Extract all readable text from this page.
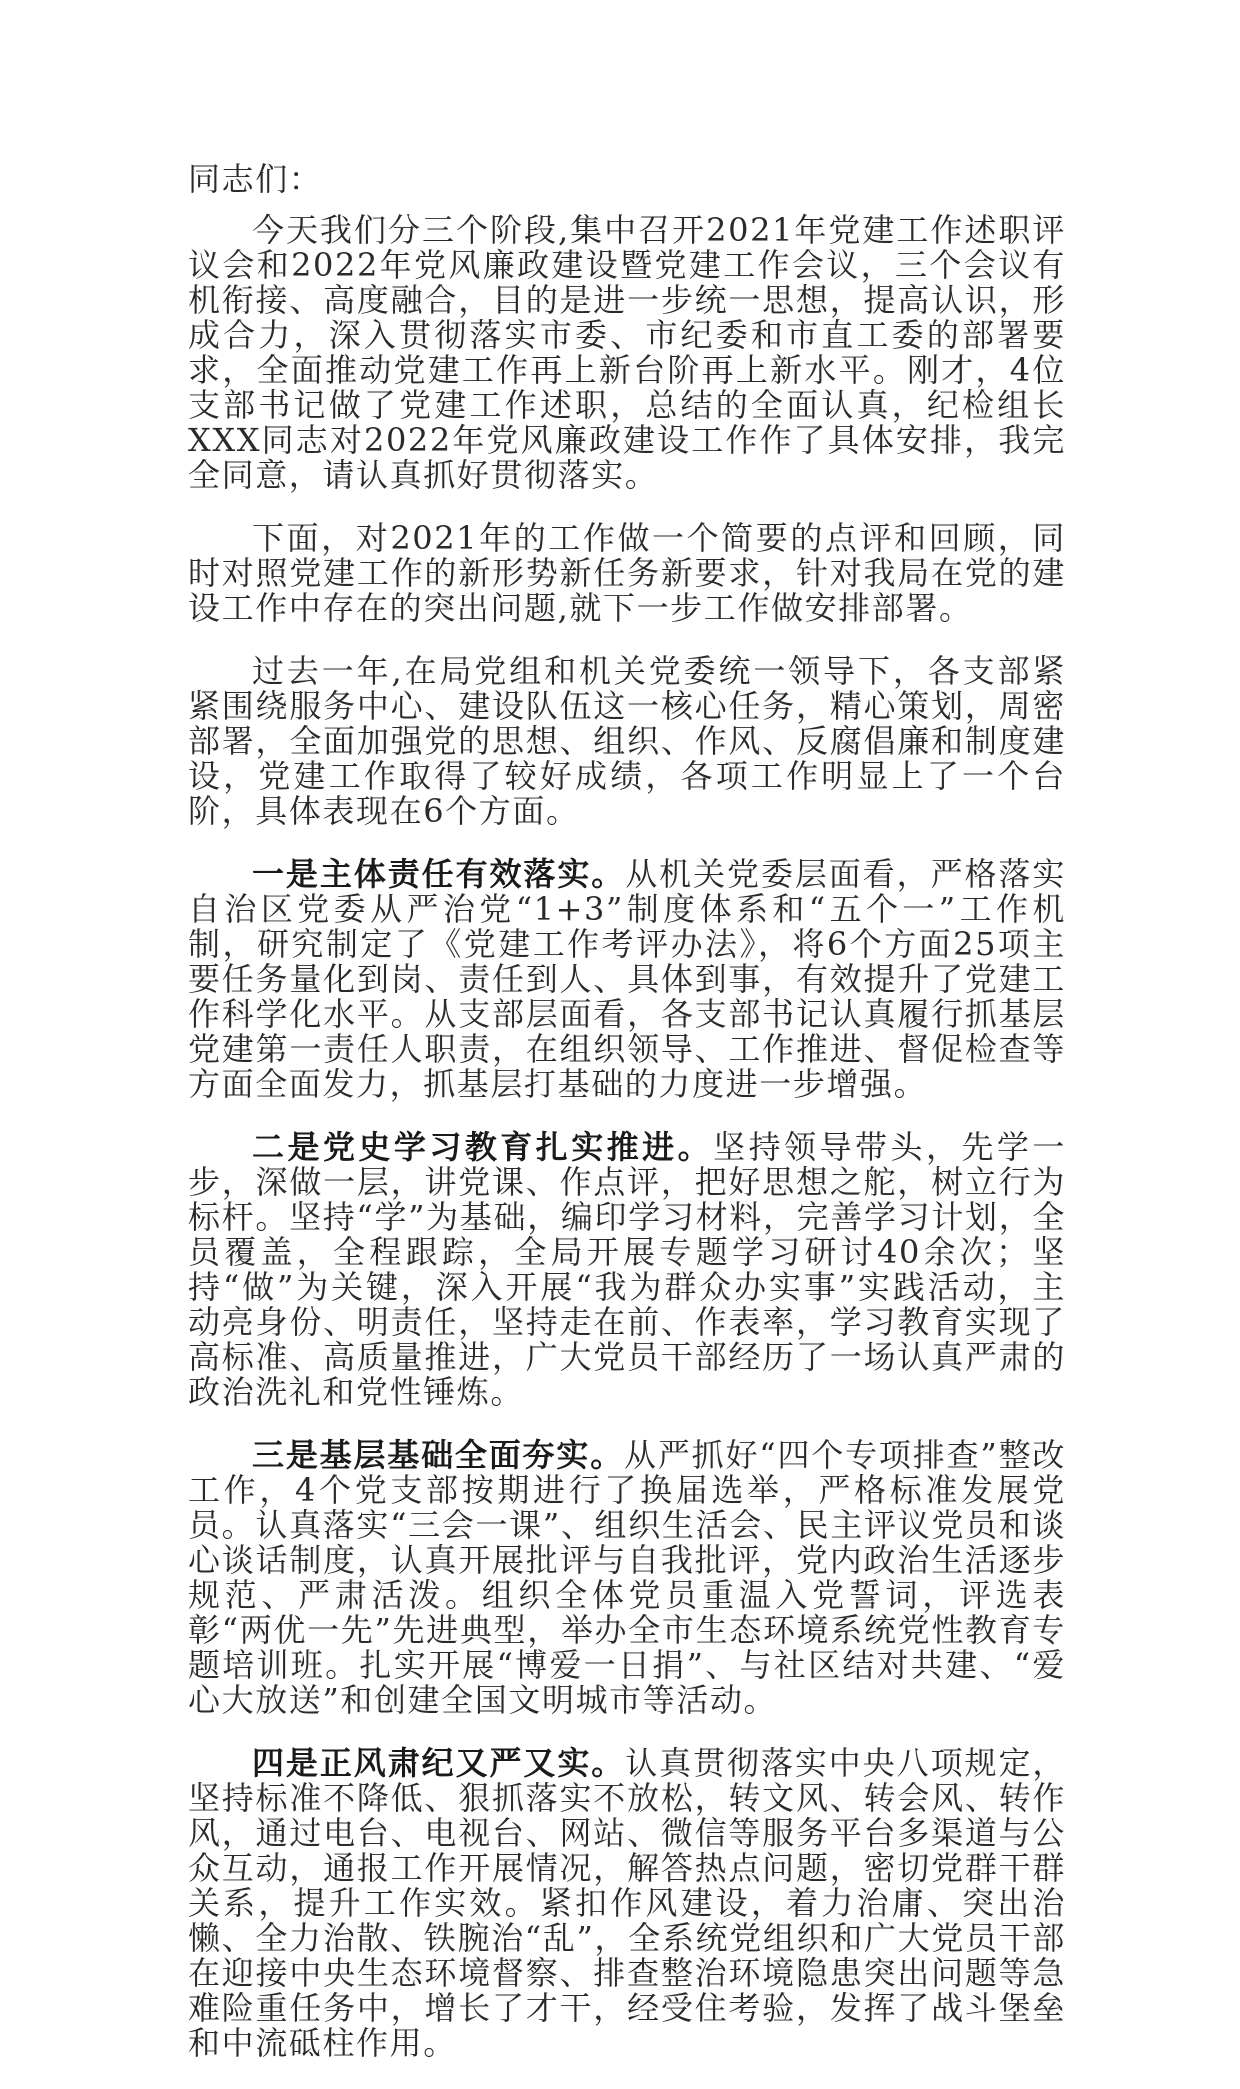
同志们：

今天我们分三个阶段,集中召开2021年党建工作述职评议会和2022年党风廉政建设暨党建工作会议，三个会议有机衔接、高度融合，目的是进一步统一思想，提高认识，形成合力，深入贯彻落实市委、市纪委和市直工委的部署要求，全面推动党建工作再上新台阶再上新水平。刚才，4位支部书记做了党建工作述职，总结的全面认真，纪检组长XXX同志对2022年党风廉政建设工作作了具体安排，我完全同意，请认真抓好贯彻落实。

下面，对2021年的工作做一个简要的点评和回顾，同时对照党建工作的新形势新任务新要求，针对我局在党的建设工作中存在的突出问题,就下一步工作做安排部署。

过去一年,在局党组和机关党委统一领导下，各支部紧紧围绕服务中心、建设队伍这一核心任务，精心策划，周密部署，全面加强党的思想、组织、作风、反腐倡廉和制度建设，党建工作取得了较好成绩，各项工作明显上了一个台阶，具体表现在6个方面。

一是主体责任有效落实。从机关党委层面看，严格落实自治区党委从严治党“1+3”制度体系和“五个一”工作机制，研究制定了《党建工作考评办法》，将6个方面25项主要任务量化到岗、责任到人、具体到事，有效提升了党建工作科学化水平。从支部层面看，各支部书记认真履行抓基层党建第一责任人职责，在组织领导、工作推进、督促检查等方面全面发力，抓基层打基础的力度进一步增强。

二是党史学习教育扎实推进。坚持领导带头，先学一步，深做一层，讲党课、作点评，把好思想之舵，树立行为标杆。坚持“学”为基础，编印学习材料，完善学习计划，全员覆盖，全程跟踪，全局开展专题学习研讨40余次；坚持“做”为关键，深入开展“我为群众办实事”实践活动，主动亮身份、明责任，坚持走在前、作表率，学习教育实现了高标准、高质量推进，广大党员干部经历了一场认真严肃的政治洗礼和党性锤炼。

三是基层基础全面夯实。从严抓好“四个专项排查”整改工作，4个党支部按期进行了换届选举，严格标准发展党员。认真落实“三会一课”、组织生活会、民主评议党员和谈心谈话制度，认真开展批评与自我批评，党内政治生活逐步规范、严肃活泼。组织全体党员重温入党誓词，评选表彰“两优一先”先进典型，举办全市生态环境系统党性教育专题培训班。扎实开展“博爱一日捐”、与社区结对共建、“爱心大放送”和创建全国文明城市等活动。

四是正风肃纪又严又实。认真贯彻落实中央八项规定，坚持标准不降低、狠抓落实不放松，转文风、转会风、转作风，通过电台、电视台、网站、微信等服务平台多渠道与公众互动，通报工作开展情况，解答热点问题，密切党群干群关系，提升工作实效。紧扣作风建设，着力治庸、突出治懒、全力治散、铁腕治“乱”，全系统党组织和广大党员干部在迎接中央生态环境督察、排查整治环境隐患突出问题等急难险重任务中，增长了才干，经受住考验，发挥了战斗堡垒和中流砥柱作用。
